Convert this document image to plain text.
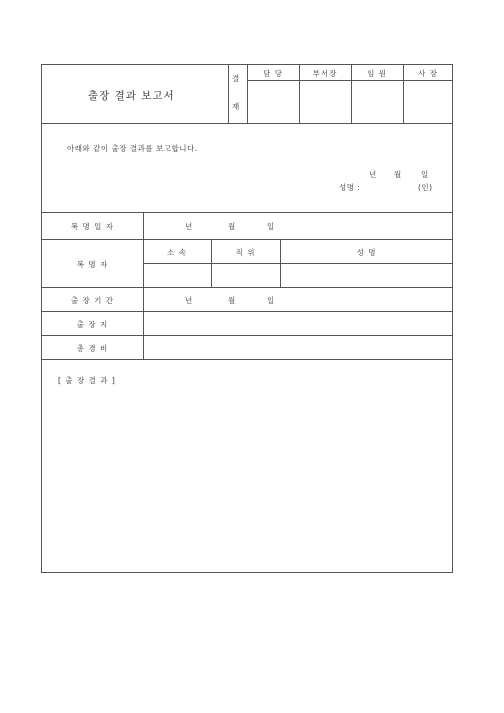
출장 결과 보고서
결
재
담 당	부서장	임 원	사 장
아래와 같이 출장 결과를 보고합니다.
년 월	일
성명 :	(인)
복 명 일 자	년	월	일
복 명 자
소 속	직 위	성 명
출 장 기 간	년	월	일
출 장 지
총 경 비
[ 출 장 결 과 ]
